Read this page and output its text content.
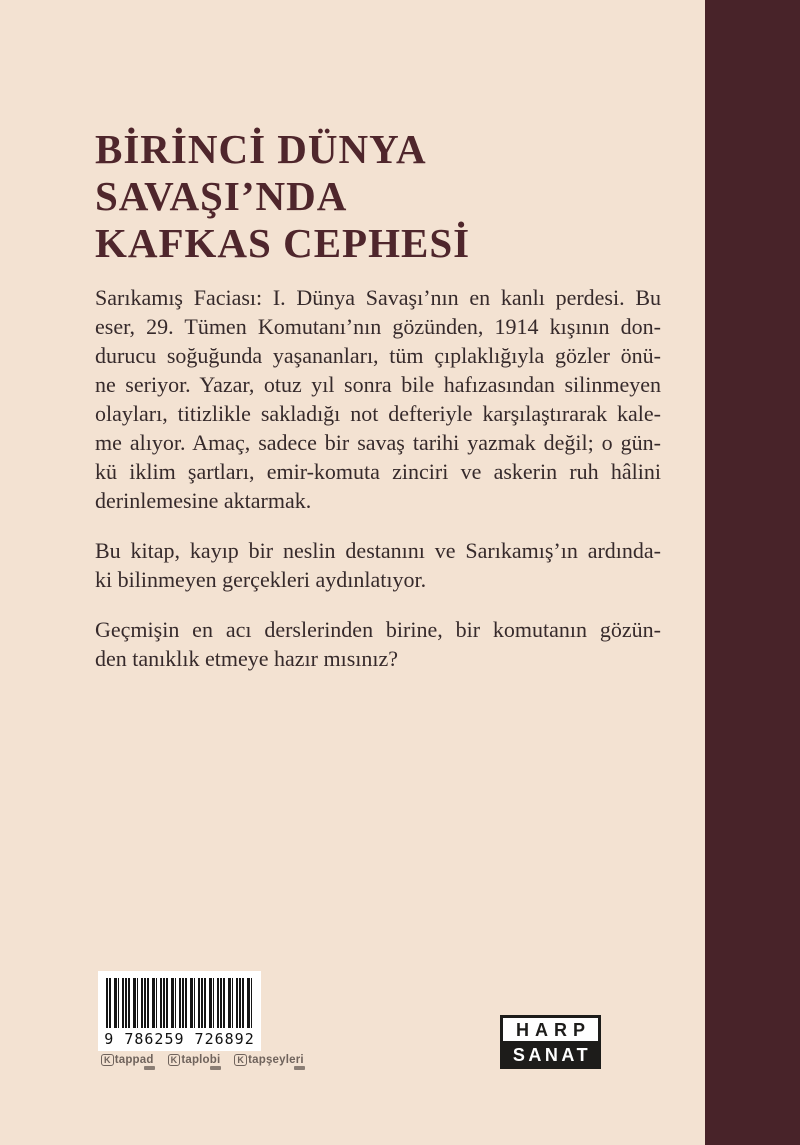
BİRİNCİ DÜNYA
SAVAŞI’NDA
KAFKAS CEPHESİ
Sarıkamış Faciası: I. Dünya Savaşı’nın en kanlı perdesi. Bu
eser, 29. Tümen Komutanı’nın gözünden, 1914 kışının don-
durucu soğuğunda yaşananları, tüm çıplaklığıyla gözler önü-
ne seriyor. Yazar, otuz yıl sonra bile hafızasından silinmeyen
olayları, titizlikle sakladığı not defteriyle karşılaştırarak kale-
me alıyor. Amaç, sadece bir savaş tarihi yazmak değil; o gün-
kü iklim şartları, emir-komuta zinciri ve askerin ruh hâlini
derinlemesine aktarmak.
Bu kitap, kayıp bir neslin destanını ve Sarıkamış’ın ardında-
ki bilinmeyen gerçekleri aydınlatıyor.
Geçmişin en acı derslerinden birine, bir komutanın gözün-
den tanıklık etmeye hazır mısınız?
9 786259 726892
K tappad	K taplobi	K tapşeyleri
HARP
SANAT
